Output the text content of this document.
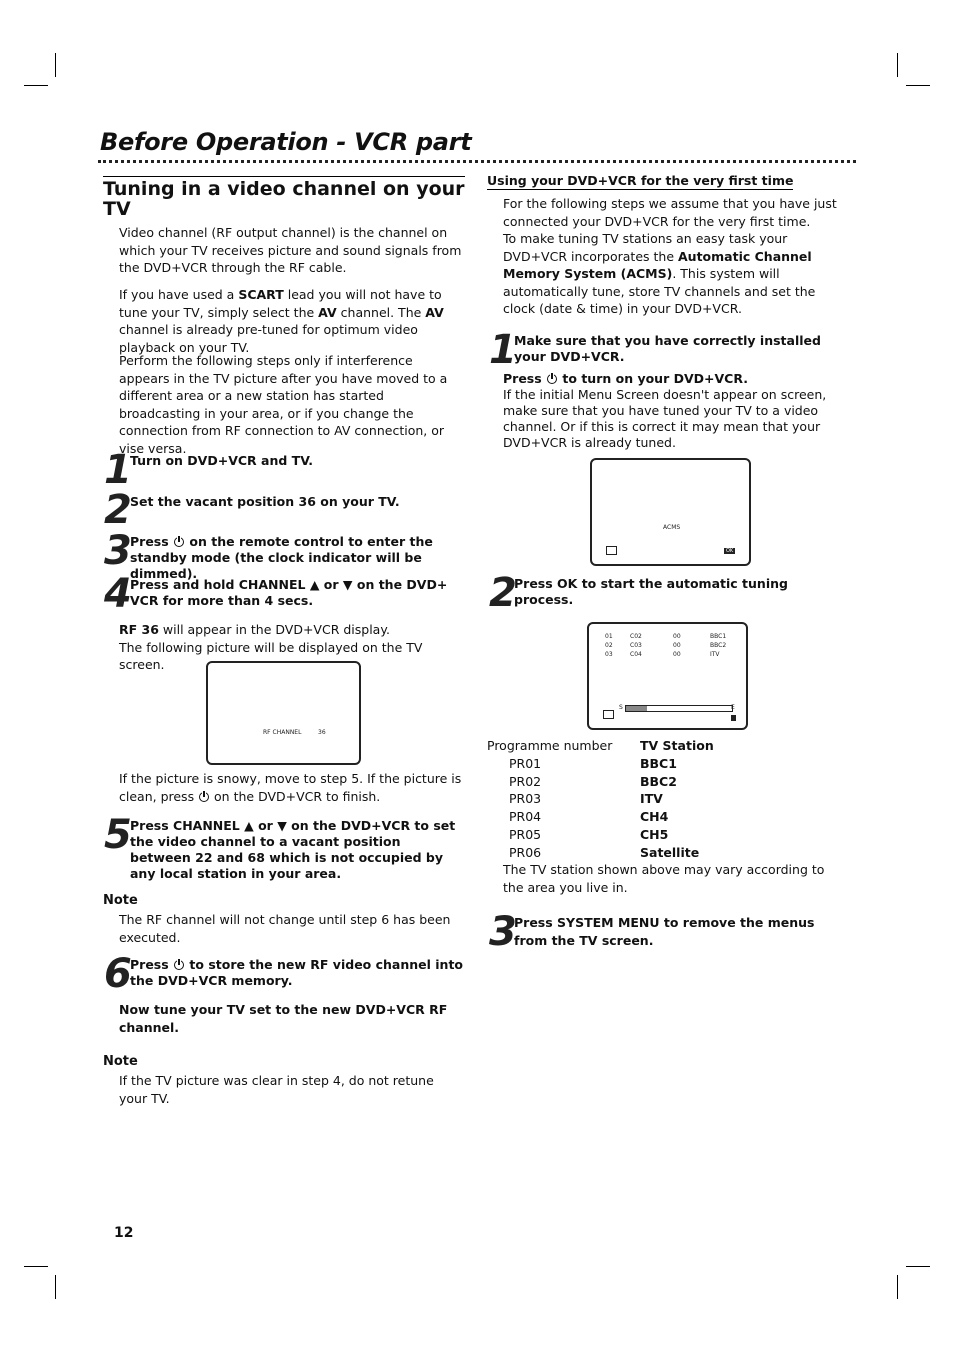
Before Operation - VCR part
Tuning in a video channel on your TV
Video channel (RF output channel) is the channel on which your TV receives picture and sound signals from the DVD+VCR through the RF cable.
If you have used a SCART lead you will not have to tune your TV, simply select the AV channel. The AV channel is already pre-tuned for optimum video playback on your TV.
Perform the following steps only if interference appears in the TV picture after you have moved to a different area or a new station has started broadcasting in your area, or if you change the connection from RF connection to AV connection, or vise versa.
1
Turn on DVD+VCR and TV.
2
Set the vacant position 36 on your TV.
3
Press  on the remote control to enter the standby mode (the clock indicator will be dimmed).
4
Press and hold CHANNEL ▲ or ▼ on the DVD+ VCR for more than 4 secs.
RF 36 will appear in the DVD+VCR display.
The following picture will be displayed on the TV screen.
RF CHANNEL	36
If the picture is snowy, move to step 5. If the picture is clean, press  on the DVD+VCR to finish.
5
Press CHANNEL ▲ or ▼ on the DVD+VCR to set the video channel to a vacant position between 22 and 68 which is not occupied by any local station in your area.
Note
The RF channel will not change until step 6 has been executed.
6
Press  to store the new RF video channel into the DVD+VCR memory.
Now tune your TV set to the new DVD+VCR RF channel.
Note
If the TV picture was clear in step 4, do not retune your TV.
Using your DVD+VCR for the very first time
For the following steps we assume that you have just connected your DVD+VCR for the very first time.
To make tuning TV stations an easy task your DVD+VCR incorporates the Automatic Channel Memory System (ACMS). This system will automatically tune, store TV channels and set the clock (date & time) in your DVD+VCR.
1
Make sure that you have correctly installed your DVD+VCR.
Press  to turn on your DVD+VCR.
If the initial Menu Screen doesn't appear on screen, make sure that you have tuned your TV to a video channel. Or if this is correct it may mean that your DVD+VCR is already tuned.
ACMS
OK
2
Press OK to start the automatic tuning process.
01	C02	00	BBC1
02	C03	00	BBC2
03	C04	00	ITV
S	E
Programme number	TV Station
PR01	BBC1
PR02	BBC2
PR03	ITV
PR04	CH4
PR05	CH5
PR06	Satellite
The TV station shown above may vary according to the area you live in.
3
Press SYSTEM MENU to remove the menus from the TV screen.
12
